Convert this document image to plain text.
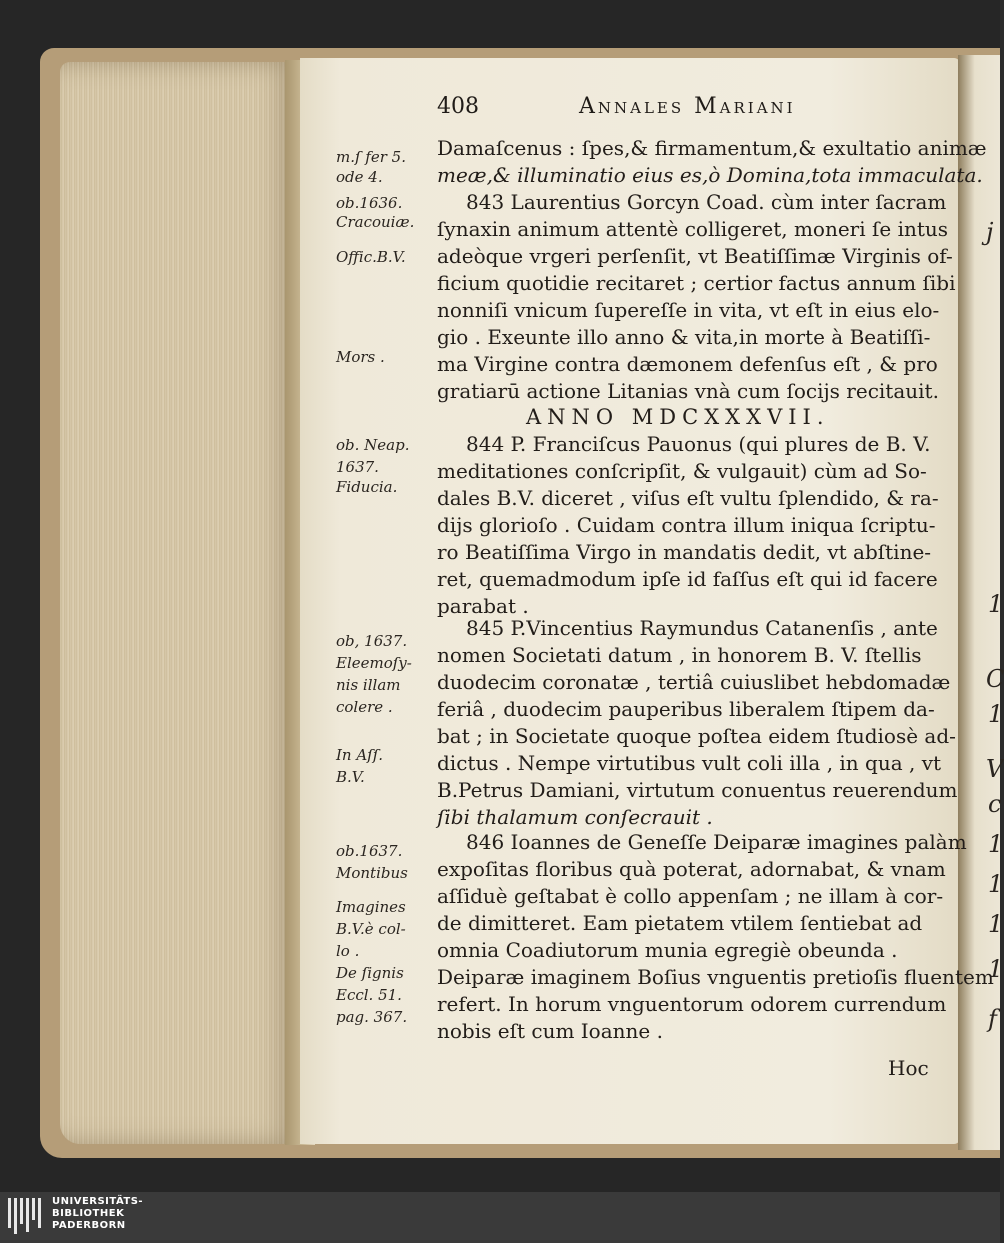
j
1
C
1
V
c
1
1
1
1
f
408	Annales Mariani
Damaſcenus : ſpes,& firmamentum,& exultatio animæ
meæ,& illuminatio eius es,ò Domina,tota immaculata.
843 Laurentius Gorcyn Coad. cùm inter ſacram
ſynaxin animum attentè colligeret, moneri ſe intus
adeòque vrgeri perſenſit, vt Beatiſſimæ Virginis of-
ficium quotidie recitaret ; certior factus annum ſibi
nonniſi vnicum ſupereſſe in vita, vt eſt in eius elo-
gio . Exeunte illo anno & vita,in morte à Beatiſſi-
ma Virgine contra dæmonem defenſus eſt , & pro
gratiarū actione Litanias vnà cum ſocijs recitauit.
ANNO MDCXXXVII.
844 P. Franciſcus Pauonus (qui plures de B. V.
meditationes conſcripſit, & vulgauit) cùm ad So-
dales B.V. diceret , viſus eſt vultu ſplendido, & ra-
dijs glorioſo . Cuidam contra illum iniqua ſcriptu-
ro Beatiſſima Virgo in mandatis dedit, vt abſtine-
ret, quemadmodum ipſe id faſſus eſt qui id facere
parabat .
845 P.Vincentius Raymundus Catanenſis , ante
nomen Societati datum , in honorem B. V. ſtellis
duodecim coronatæ , tertiâ cuiuslibet hebdomadæ
feriâ , duodecim pauperibus liberalem ſtipem da-
bat ; in Societate quoque poſtea eidem ſtudiosè ad-
dictus . Nempe virtutibus vult coli illa , in qua , vt
B.Petrus Damiani, virtutum conuentus reuerendum
ſibi thalamum conſecrauit .
846 Ioannes de Geneſſe Deiparæ imagines palàm
expoſitas floribus quà poterat, adornabat, & vnam
aſſiduè geſtabat è collo appenſam ; ne illam à cor-
de dimitteret. Eam pietatem vtilem ſentiebat ad
omnia Coadiutorum munia egregiè obeunda .
Deiparæ imaginem Boſius vnguentis pretioſis fluentem
refert. In horum vnguentorum odorem currendum
nobis eſt cum Ioanne .
Hoc
m.ſ fer 5.
ode 4.
ob.1636.
Cracouiæ.
Offic.B.V.
Mors .
ob. Neap.
1637.
Fiducia.
ob, 1637.
Eleemoſy-
nis illam
colere .
In Aſſ.
B.V.
ob.1637.
Montibus
Imagines
B.V.è col-
lo .
De ſignis
Eccl. 51.
pag. 367.
UNIVERSITÄTS-
BIBLIOTHEK
PADERBORN
